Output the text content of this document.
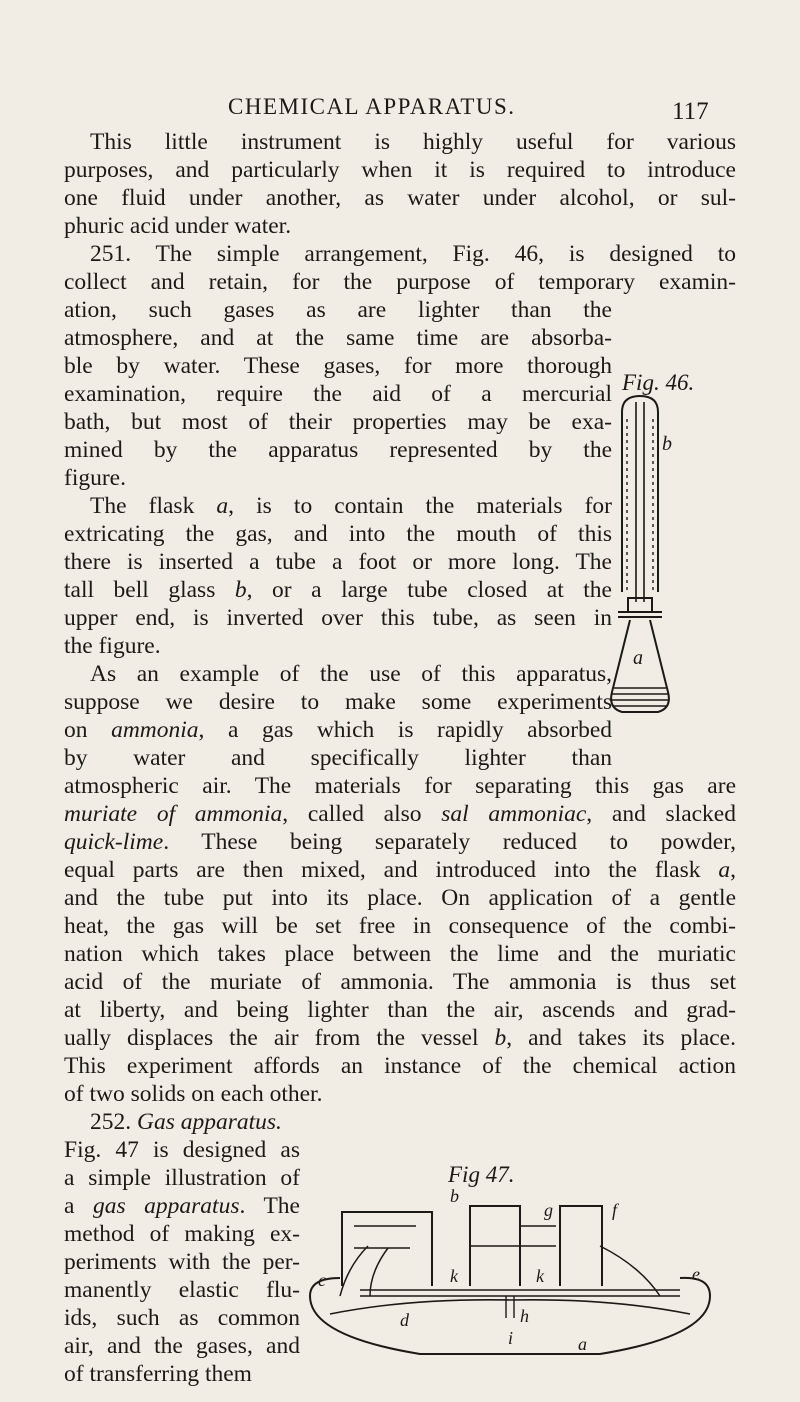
CHEMICAL APPARATUS.	117
This little instrument is highly useful for various
purposes, and particularly when it is required to introduce
one fluid under another, as water under alcohol, or sul-
phuric acid under water.
251. The simple arrangement, Fig. 46, is designed to
collect and retain, for the purpose of temporary examin-
ation, such gases as are lighter than the
atmosphere, and at the same time are absorba-
ble by water. These gases, for more thorough
examination, require the aid of a mercurial
bath, but most of their properties may be exa-
mined by the apparatus represented by the
figure.
The flask a, is to contain the materials for
extricating the gas, and into the mouth of this
there is inserted a tube a foot or more long. The
tall bell glass b, or a large tube closed at the
upper end, is inverted over this tube, as seen in
the figure.
As an example of the use of this apparatus,
suppose we desire to make some experiments
on ammonia, a gas which is rapidly absorbed
by water and specifically lighter than
atmospheric air. The materials for separating this gas are
muriate of ammonia, called also sal ammoniac, and slacked
quick-lime. These being separately reduced to powder,
equal parts are then mixed, and introduced into the flask a,
and the tube put into its place. On application of a gentle
heat, the gas will be set free in consequence of the combi-
nation which takes place between the lime and the muriatic
acid of the muriate of ammonia. The ammonia is thus set
at liberty, and being lighter than the air, ascends and grad-
ually displaces the air from the vessel b, and takes its place.
This experiment affords an instance of the chemical action
of two solids on each other.
252. Gas apparatus.
Fig. 47 is designed as
a simple illustration of
a gas apparatus. The
method of making ex-
periments with the per-
manently elastic flu-
ids, such as common
air, and the gases, and
of transferring them
Fig. 46.
b
a
Fig 47.
b
g	f
c	k	k	e
d	h
i	a
